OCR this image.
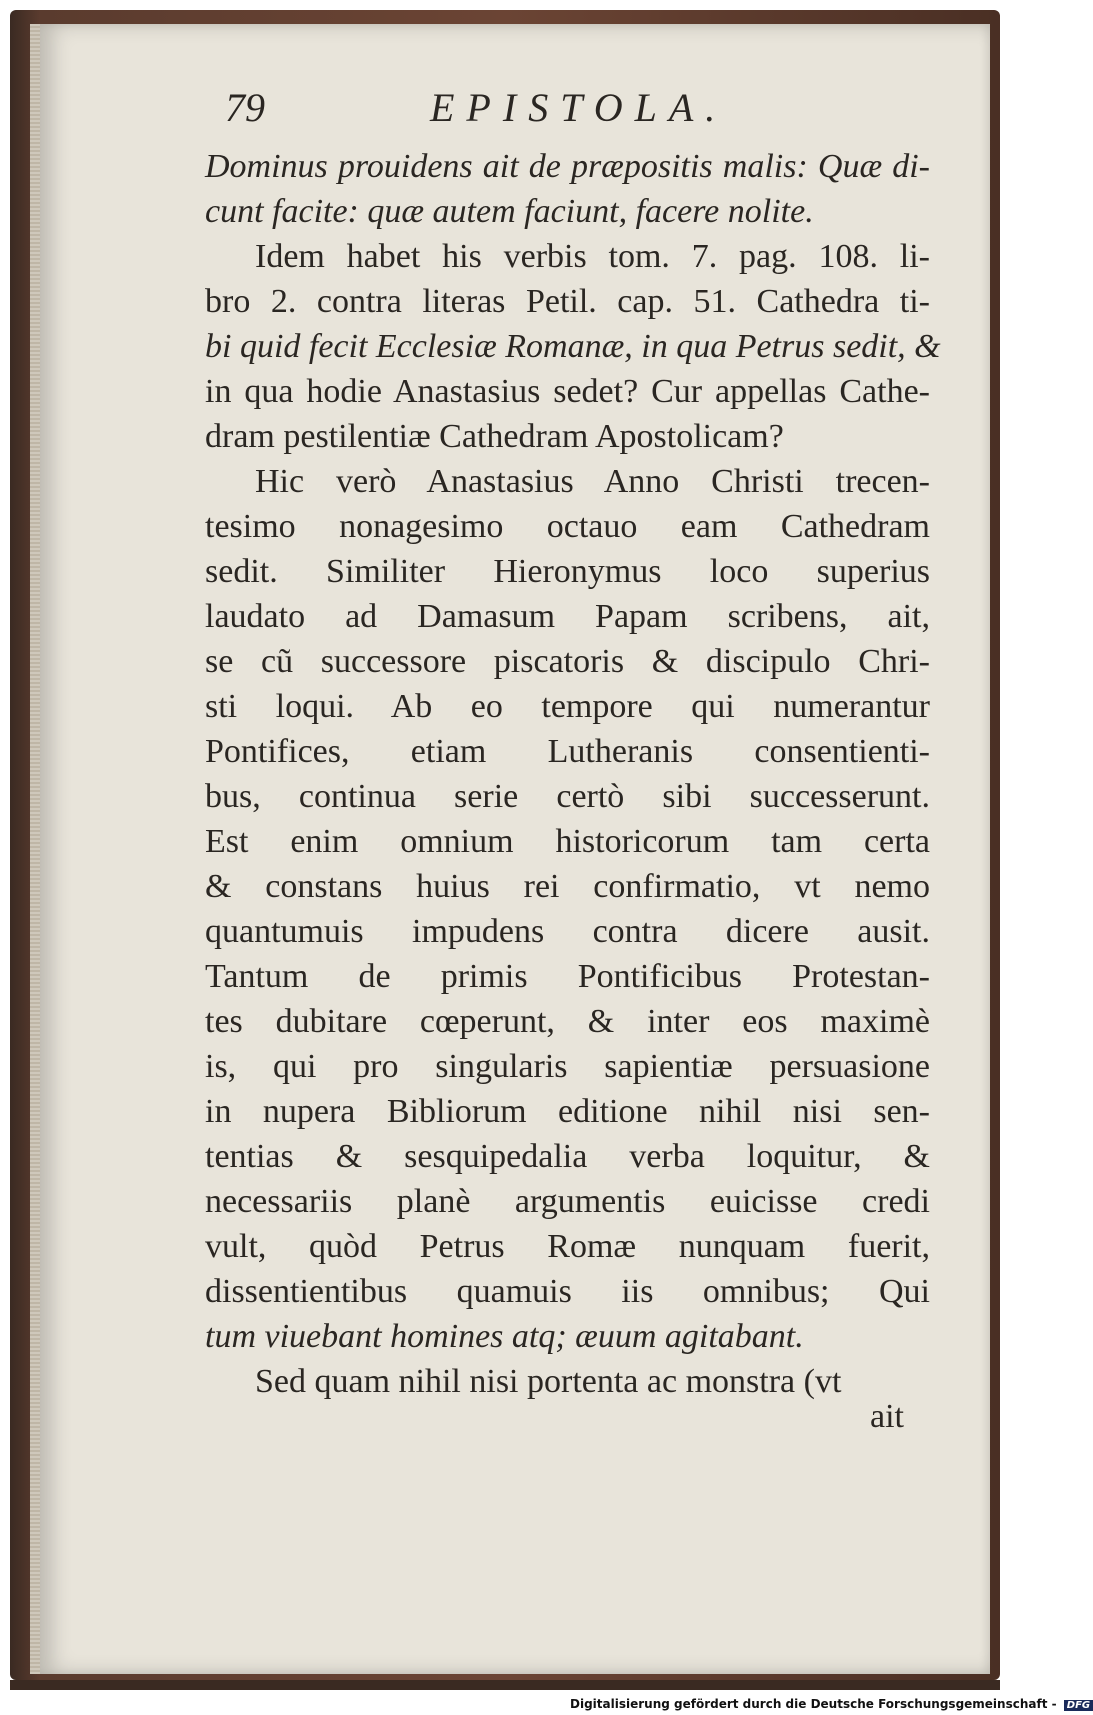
79	EPISTOLA.
Dominus prouidens ait de præpositis malis: Quæ di-
cunt facite: quæ autem faciunt, facere nolite.
Idem habet his verbis tom. 7. pag. 108. li-
bro 2. contra literas Petil. cap. 51. Cathedra ti-
bi quid fecit Ecclesiæ Romanæ, in qua Petrus sedit, &
in qua hodie Anastasius sedet? Cur appellas Cathe-
dram pestilentiæ Cathedram Apostolicam?
Hic verò Anastasius Anno Christi trecen-
tesimo nonagesimo octauo eam Cathedram
sedit. Similiter Hieronymus loco superius
laudato ad Damasum Papam scribens, ait,
se cũ successore piscatoris & discipulo Chri-
sti loqui. Ab eo tempore qui numerantur
Pontifices, etiam Lutheranis consentienti-
bus, continua serie certò sibi successerunt.
Est enim omnium historicorum tam certa
& constans huius rei confirmatio, vt nemo
quantumuis impudens contra dicere ausit.
Tantum de primis Pontificibus Protestan-
tes dubitare cœperunt, & inter eos maximè
is, qui pro singularis sapientiæ persuasione
in nupera Bibliorum editione nihil nisi sen-
tentias & sesquipedalia verba loquitur, &
necessariis planè argumentis euicisse credi
vult, quòd Petrus Romæ nunquam fuerit,
dissentientibus quamuis iis omnibus; Qui
tum viuebant homines atq; æuum agitabant.
Sed quam nihil nisi portenta ac monstra (vt
ait
Digitalisierung gefördert durch die Deutsche Forschungsgemeinschaft - DFG
